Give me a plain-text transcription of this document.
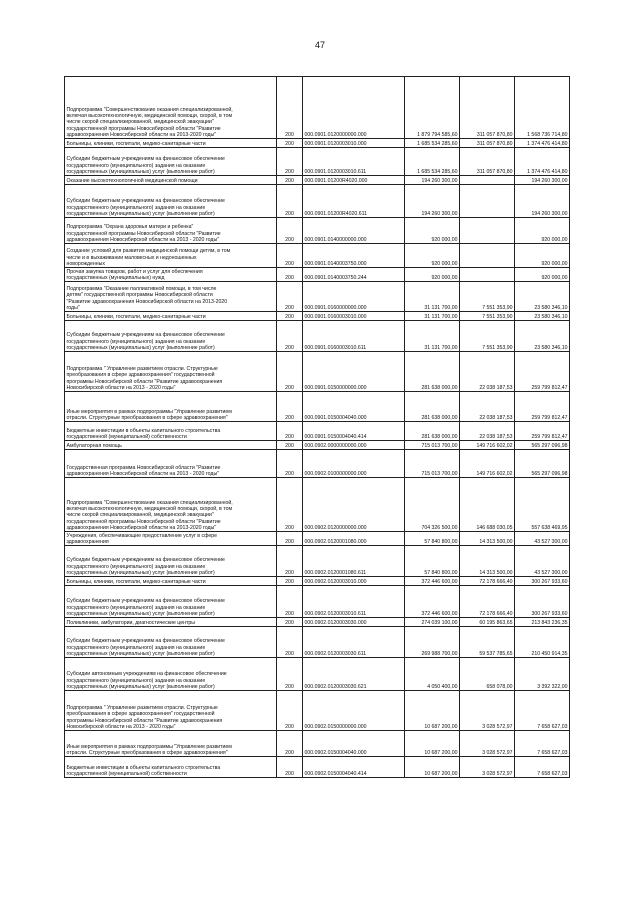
47
Подпрограмма "Совершенствование оказания специализированной,
включая высокотехнологичную, медицинской помощи, скорой, в том
числе скорой специализированной, медицинской эвакуации"
государственной программы Новосибирской области "Развитие
здравоохранения Новосибирской области на 2013-2020 годы"	200	000.0901.0120000000.000	1 879 794 585,60	311 057 870,80	1 568 736 714,80
Больницы, клиники, госпитали, медико-санитарные части	200	000.0901.0120003010.000	1 685 534 285,60	311 057 870,80	1 374 476 414,80
Субсидии бюджетным учреждениям на финансовое обеспечение
государственного (муниципального) задания на оказание
государственных (муниципальных) услуг (выполнение работ)	200	000.0901.0120003010.611	1 685 534 285,60	311 057 870,80	1 374 476 414,80
Оказание высокотехнологичной медицинской помощи	200	000.0901.01200R4020.000	194 260 300,00		194 260 300,00
Субсидии бюджетным учреждениям на финансовое обеспечение
государственного (муниципального) задания на оказание
государственных (муниципальных) услуг (выполнение работ)	200	000.0901.01200R4020.611	194 260 300,00		194 260 300,00
Подпрограмма "Охрана здоровья матери и ребенка"
государственной программы Новосибирской области "Развитие
здравоохранения Новосибирской области на 2013 - 2020 годы"	200	000.0901.0140000000.000	920 000,00		920 000,00
Создание условий для развития медицинской помощи детям, в том
числе и в выхаживании маловесных и недоношенных
новорожденных	200	000.0901.0140003750.000	920 000,00		920 000,00
Прочая закупка товаров, работ и услуг для обеспечения
государственных (муниципальных) нужд	200	000.0901.0140003750.244	920 000,00		920 000,00
Подпрограмма "Оказание паллиативной помощи, в том числе
детям" государственной программы Новосибирской области
"Развитие здравоохранения Новосибирской области на 2013-2020
годы"	200	000.0901.0160000000.000	31 131 700,00	7 551 353,90	23 580 346,10
Больницы, клиники, госпитали, медико-санитарные части	200	000.0901.0160003010.000	31 131 700,00	7 551 353,90	23 580 346,10
Субсидии бюджетным учреждениям на финансовое обеспечение
государственного (муниципального) задания на оказание
государственных (муниципальных) услуг (выполнение работ)	200	000.0901.0160003010.611	31 131 700,00	7 551 353,90	23 580 346,10
Подпрограмма " Управление развитием отрасли. Структурные
преобразования в сфере здравоохранения" государственной
программы Новосибирской области "Развитие здравоохранения
Новосибирской области на 2013 - 2020 годы"	200	000.0901.0150000000.000	281 638 000,00	22 038 187,53	259 799 812,47
Иные мероприятия в рамках подпрограммы "Управление развитием
отрасли. Структурные преобразования в сфере здравоохранения"	200	000.0901.0150004040.000	281 638 000,00	22 038 187,53	259 799 812,47
Бюджетные инвестиции в объекты капитального строительства
государственной (муниципальной) собственности	200	000.0901.0150004040.414	281 638 000,00	22 038 187,53	259 799 812,47
Амбулаторная помощь	200	000.0902.0000000000.000	715 013 700,00	149 716 602,02	565 297 096,98
Государственная программа Новосибирской области "Развитие
здравоохранения Новосибирской области на 2013 - 2020 годы"	200	000.0902.0100000000.000	715 013 700,00	149 716 602,02	565 297 096,98
Подпрограмма "Совершенствование оказания специализированной,
включая высокотехнологичную, медицинской помощи, скорой, в том
числе скорой специализированной, медицинской эвакуации"
государственной программы Новосибирской области "Развитие
здравоохранения Новосибирской области на 2013-2020 годы"	200	000.0902.0120000000.000	704 326 500,00	146 688 030,05	557 638 469,95
Учреждения, обеспечивающие предоставление услуг в сфере
здравоохранения	200	000.0902.0120001080.000	57 840 800,00	14 313 500,00	43 527 300,00
Субсидии бюджетным учреждениям на финансовое обеспечение
государственного (муниципального) задания на оказание
государственных (муниципальных) услуг (выполнение работ)	200	000.0902.0120001080.611	57 840 800,00	14 313 500,00	43 527 300,00
Больницы, клиники, госпитали, медико-санитарные части	200	000.0902.0120003010.000	372 446 600,00	72 178 666,40	300 267 933,60
Субсидии бюджетным учреждениям на финансовое обеспечение
государственного (муниципального) задания на оказание
государственных (муниципальных) услуг (выполнение работ)	200	000.0902.0120003010.611	372 446 600,00	72 178 666,40	300 267 933,60
Поликлиники, амбулатории, диагностические центры	200	000.0902.0120003030.000	274 039 100,00	60 195 863,65	213 843 236,35
Субсидии бюджетным учреждениям на финансовое обеспечение
государственного (муниципального) задания на оказание
государственных (муниципальных) услуг (выполнение работ)	200	000.0902.0120003030.611	269 988 700,00	59 537 785,65	210 450 914,35
Субсидии автономным учреждениям на финансовое обеспечение
государственного (муниципального) задания на оказание
государственных (муниципальных) услуг (выполнение работ)	200	000.0902.0120003030.621	4 050 400,00	658 078,00	3 392 322,00
Подпрограмма " Управление развитием отрасли. Структурные
преобразования в сфере здравоохранения" государственной
программы Новосибирской области "Развитие здравоохранения
Новосибирской области на 2013 - 2020 годы"	200	000.0902.0150000000.000	10 687 200,00	3 028 572,97	7 658 627,03
Иные мероприятия в рамках подпрограммы "Управление развитием
отрасли. Структурные преобразования в сфере здравоохранения"	200	000.0902.0150004040.000	10 687 200,00	3 028 572,97	7 658 627,03
Бюджетные инвестиции в объекты капитального строительства
государственной (муниципальной) собственности	200	000.0902.0150004040.414	10 687 200,00	3 028 572,97	7 658 627,03
